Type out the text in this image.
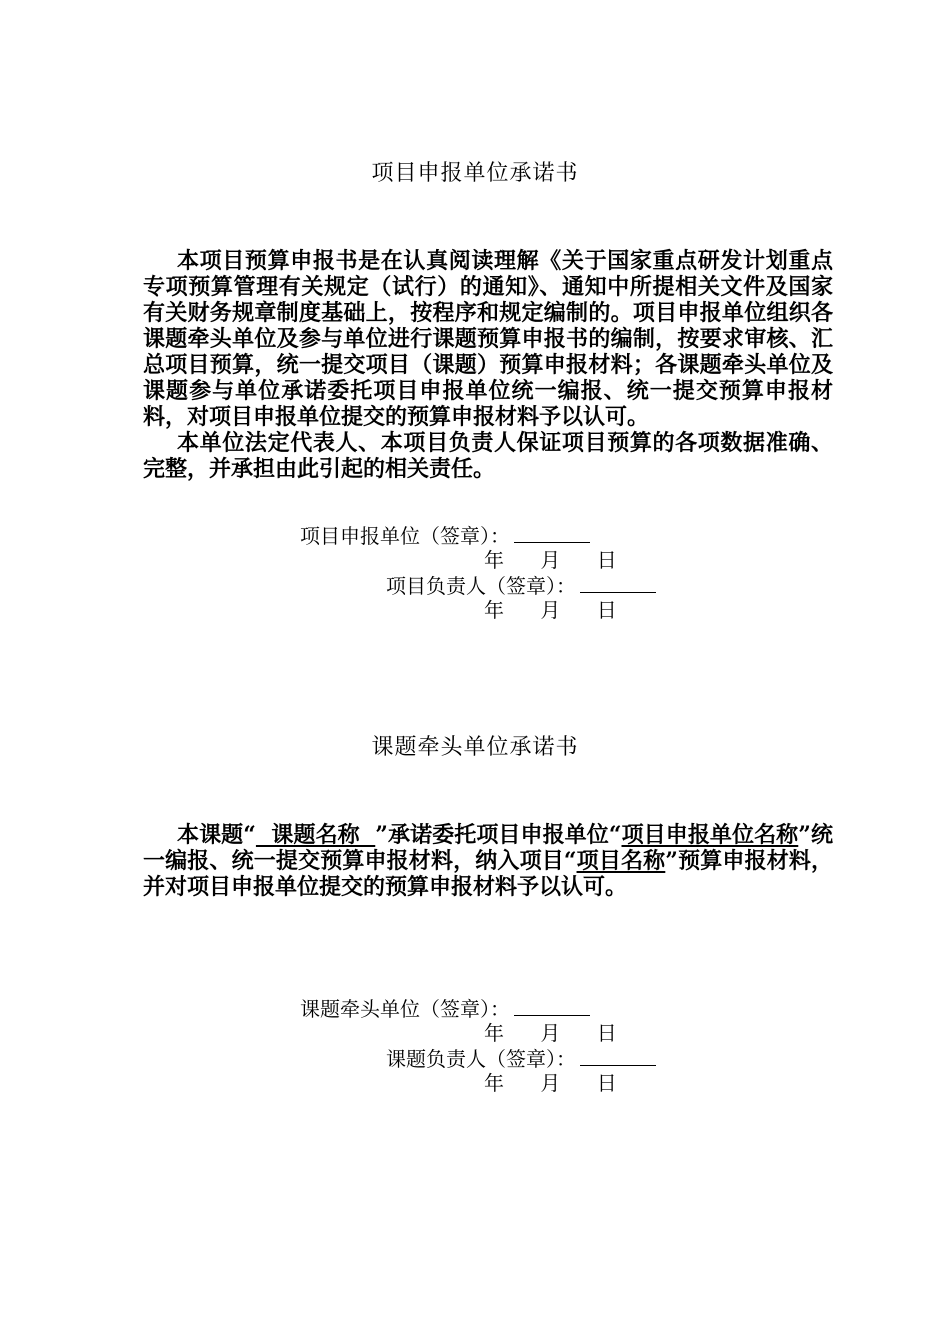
项目申报单位承诺书

本项目预算申报书是在认真阅读理解《关于国家重点研发计划重点专项预算管理有关规定（试行）的通知》、通知中所提相关文件及国家有关财务规章制度基础上，按程序和规定编制的。项目申报单位组织各课题牵头单位及参与单位进行课题预算申报书的编制，按要求审核、汇总项目预算，统一提交项目（课题）预算申报材料；各课题牵头单位及课题参与单位承诺委托项目申报单位统一编报、统一提交预算申报材料，对项目申报单位提交的预算申报材料予以认可。

本单位法定代表人、本项目负责人保证项目预算的各项数据准确、完整，并承担由此引起的相关责任。

项目申报单位（签章）：
年 月 日
项目负责人（签章）：
年 月 日
课题牵头单位承诺书

本课题“  课题名称  ”承诺委托项目申报单位“项目申报单位名称”统一编报、统一提交预算申报材料，纳入项目“项目名称”预算申报材料，并对项目申报单位提交的预算申报材料予以认可。

课题牵头单位（签章）：
年 月 日
课题负责人（签章）：
年 月 日
